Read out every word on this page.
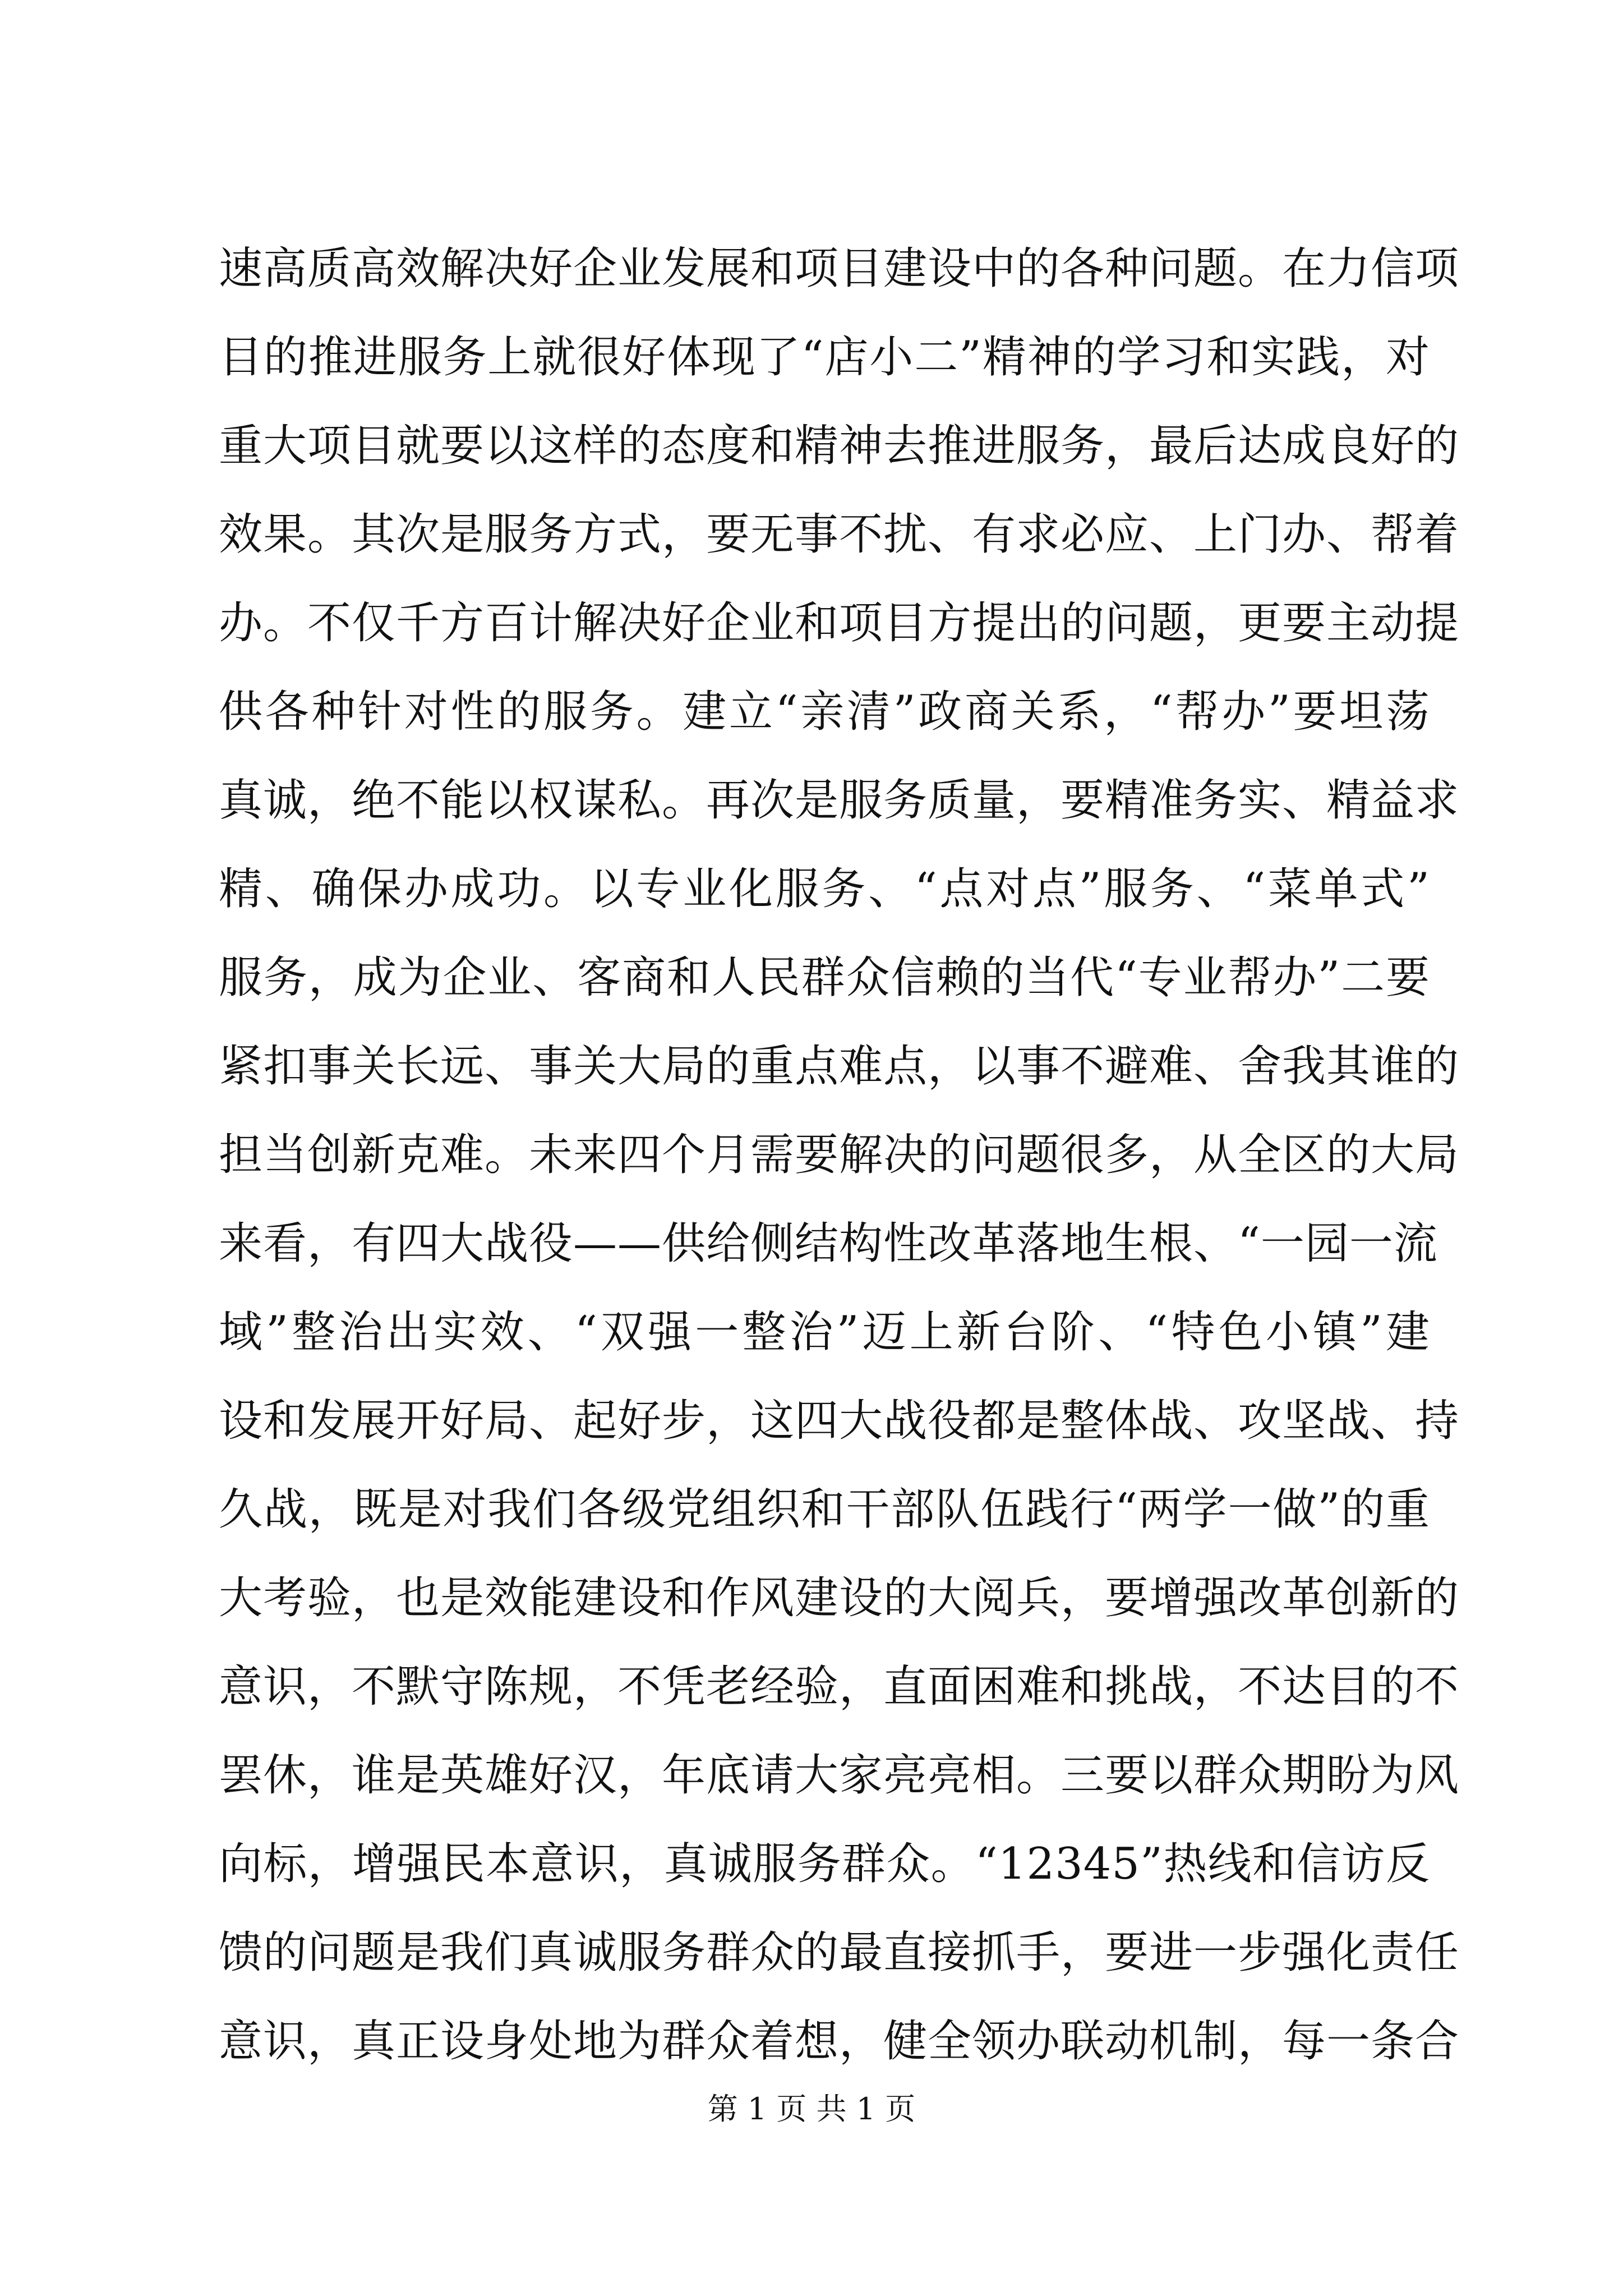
速高质高效解决好企业发展和项目建设中的各种问题。在力信项
目的推进服务上就很好体现了“店小二”精神的学习和实践，对
重大项目就要以这样的态度和精神去推进服务，最后达成良好的
效果。其次是服务方式，要无事不扰、有求必应、上门办、帮着
办。不仅千方百计解决好企业和项目方提出的问题，更要主动提
供各种针对性的服务。建立“亲清”政商关系，“帮办”要坦荡
真诚，绝不能以权谋私。再次是服务质量，要精准务实、精益求
精、确保办成功。以专业化服务、“点对点”服务、“菜单式”
服务，成为企业、客商和人民群众信赖的当代“专业帮办”二要
紧扣事关长远、事关大局的重点难点，以事不避难、舍我其谁的
担当创新克难。未来四个月需要解决的问题很多，从全区的大局
来看，有四大战役——供给侧结构性改革落地生根、“一园一流
域”整治出实效、“双强一整治”迈上新台阶、“特色小镇”建
设和发展开好局、起好步，这四大战役都是整体战、攻坚战、持
久战，既是对我们各级党组织和干部队伍践行“两学一做”的重
大考验，也是效能建设和作风建设的大阅兵，要增强改革创新的
意识，不默守陈规，不凭老经验，直面困难和挑战，不达目的不
罢休，谁是英雄好汉，年底请大家亮亮相。三要以群众期盼为风
向标，增强民本意识，真诚服务群众。“12345”热线和信访反
馈的问题是我们真诚服务群众的最直接抓手，要进一步强化责任
意识，真正设身处地为群众着想，健全领办联动机制，每一条合
第 1 页 共 1 页
